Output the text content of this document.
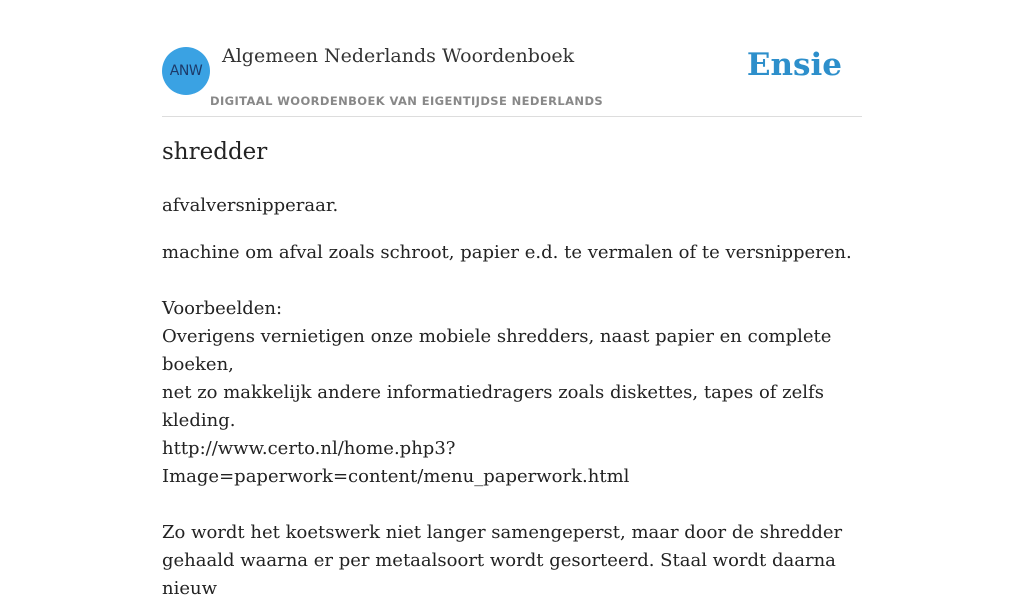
ANW
Algemeen Nederlands Woordenboek
DIGITAAL WOORDENBOEK VAN EIGENTIJDSE NEDERLANDS
Ensie
shredder
afvalversnipperaar.

machine om afval zoals schroot, papier e.d. te vermalen of te versnipperen.

Voorbeelden:

Overigens vernietigen onze mobiele shredders, naast papier en complete boeken,

net zo makkelijk andere informatiedragers zoals diskettes, tapes of zelfs kleding.

http://www.certo.nl/home.php3?

Image=paperwork=content/menu_paperwork.html

Zo wordt het koetswerk niet langer samengeperst, maar door de shredder

gehaald waarna er per metaalsoort wordt gesorteerd. Staal wordt daarna nieuw
